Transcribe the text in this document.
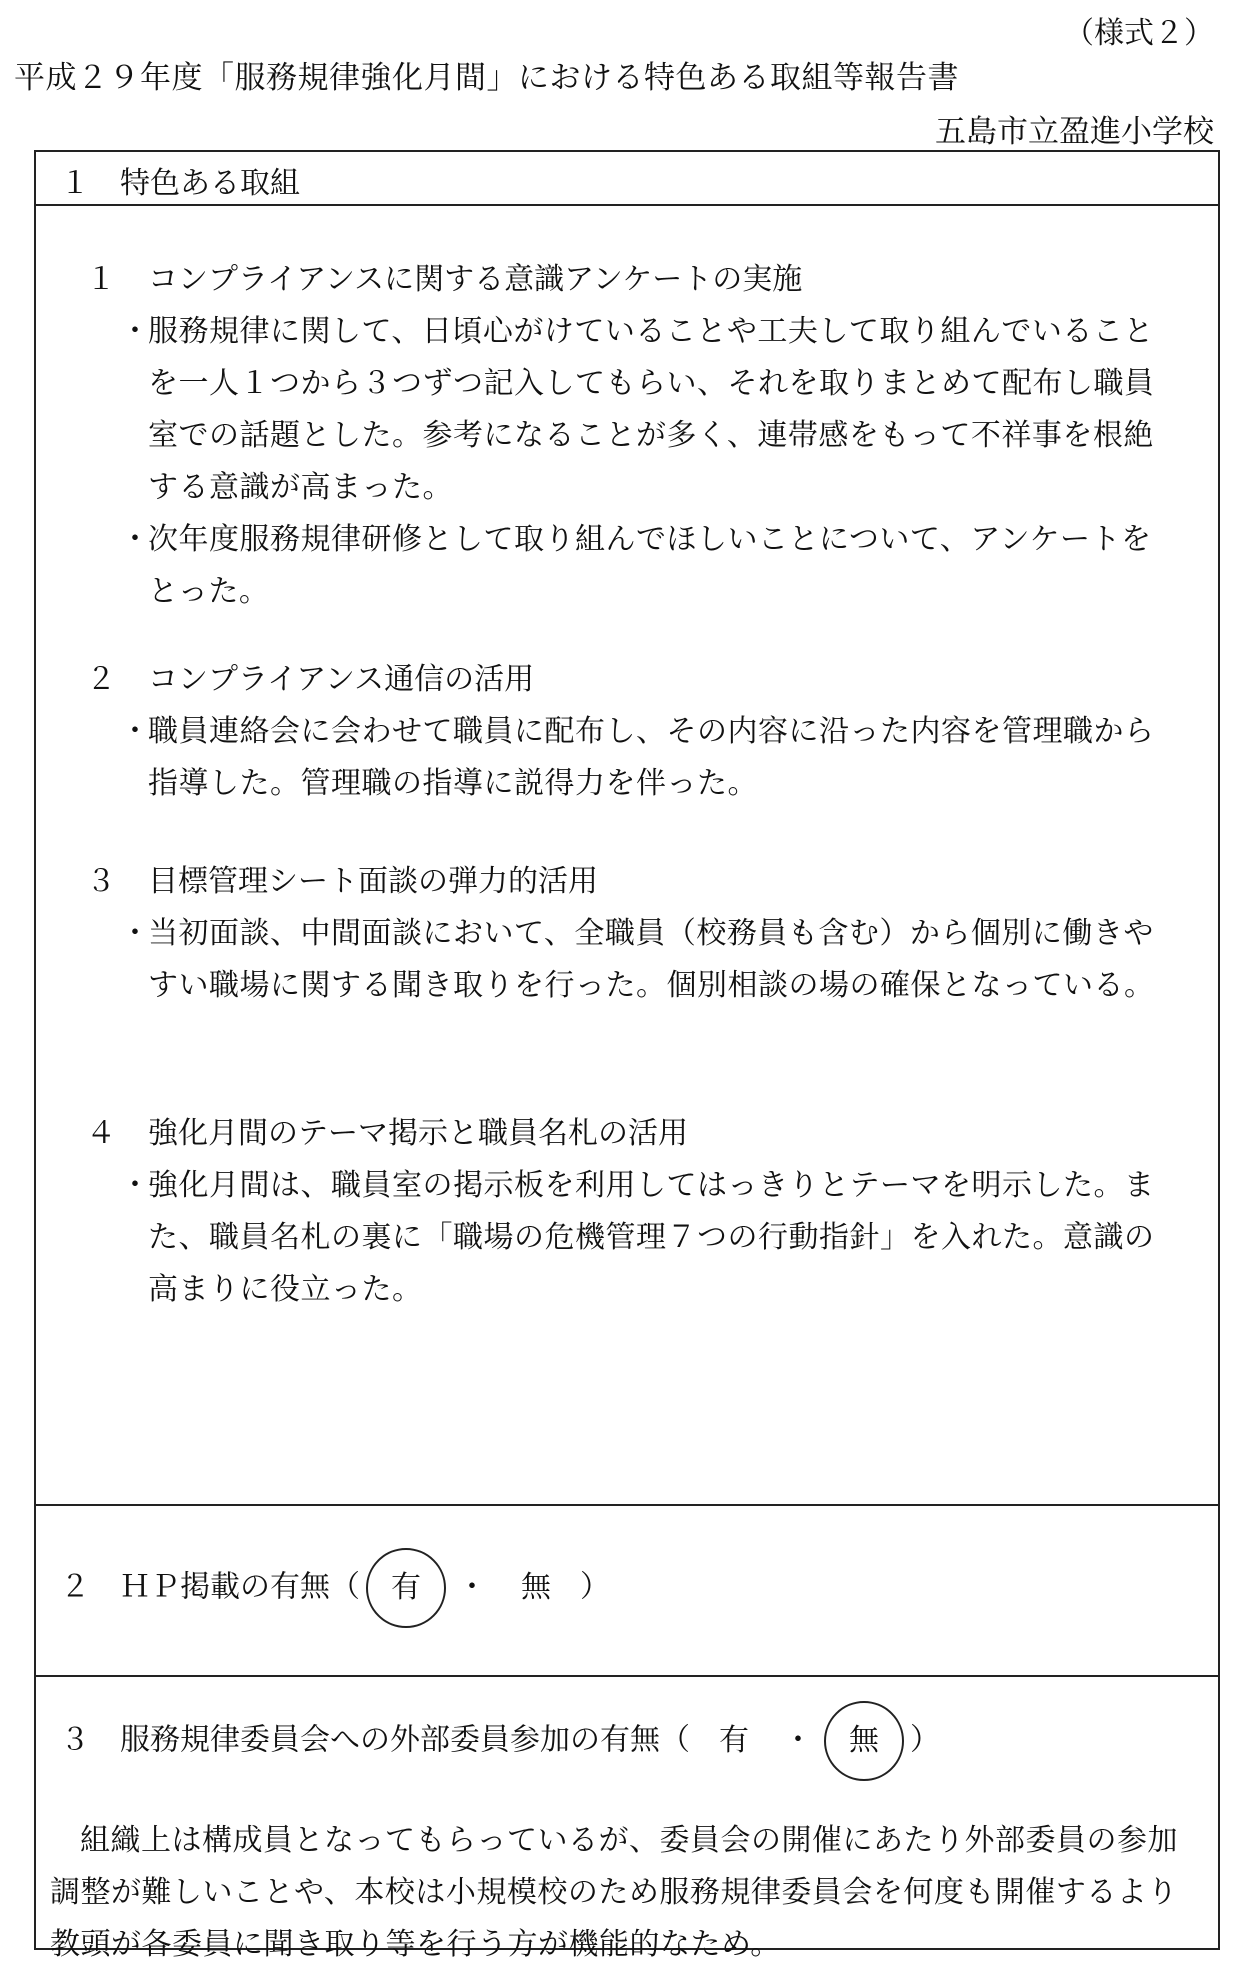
（様式２）
平成２９年度「服務規律強化月間」における特色ある取組等報告書
五島市立盈進小学校
１　特色ある取組
１ コンプライアンスに関する意識アンケートの実施
・
服務規律に関して、日頃心がけていることや工夫して取り組んでいることを一人１つから３つずつ記入してもらい、それを取りまとめて配布し職員室での話題とした。参考になることが多く、連帯感をもって不祥事を根絶する意識が高まった。
・
次年度服務規律研修として取り組んでほしいことについて、アンケートをとった。
２ コンプライアンス通信の活用
・
職員連絡会に会わせて職員に配布し、その内容に沿った内容を管理職から指導した。管理職の指導に説得力を伴った。
３ 目標管理シート面談の弾力的活用
・
当初面談、中間面談において、全職員（校務員も含む）から個別に働きやすい職場に関する聞き取りを行った。個別相談の場の確保となっている。
４ 強化月間のテーマ掲示と職員名札の活用
・
強化月間は、職員室の掲示板を利用してはっきりとテーマを明示した。また、職員名札の裏に「職場の危機管理７つの行動指針」を入れた。意識の高まりに役立った。
２　ＨＰ掲載の有無（ 有 ・ 無 ）
３　服務規律委員会への外部委員参加の有無（ 有 ・ 無 ）
組織上は構成員となってもらっているが、委員会の開催にあたり外部委員の参加調整が難しいことや、本校は小規模校のため服務規律委員会を何度も開催するより教頭が各委員に聞き取り等を行う方が機能的なため。
